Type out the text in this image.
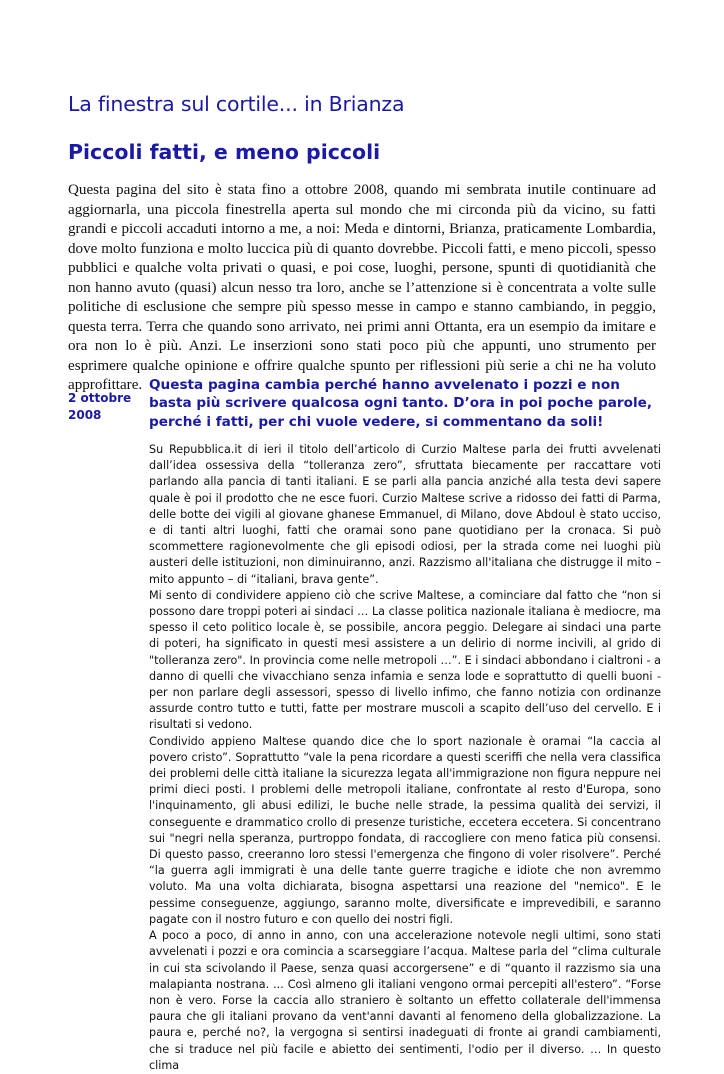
La finestra sul cortile... in Brianza
Piccoli fatti, e meno piccoli

Questa pagina del sito è stata fino a ottobre 2008, quando mi sembrata inutile continuare ad aggiornarla, una piccola finestrella aperta sul mondo che mi circonda più da vicino, su fatti grandi e piccoli accaduti intorno a me, a noi: Meda e dintorni, Brianza, praticamente Lombardia, dove molto funziona e molto luccica più di quanto dovrebbe. Piccoli fatti, e meno piccoli, spesso pubblici e qualche volta privati o quasi, e poi cose, luoghi, persone, spunti di quotidianità che non hanno avuto (quasi) alcun nesso tra loro, anche se l’attenzione si è concentrata a volte sulle politiche di esclusione che sempre più spesso messe in campo e stanno cambiando, in peggio, questa terra. Terra che quando sono arrivato, nei primi anni Ottanta, era un esempio da imitare e ora non lo è più. Anzi. Le inserzioni sono stati poco più che appunti, uno strumento per esprimere qualche opinione e offrire qualche spunto per riflessioni più serie a chi ne ha voluto approfittare.

2 ottobre 2008
Questa pagina cambia perché hanno avvelenato i pozzi e non basta più scrivere qualcosa ogni tanto. D’ora in poi poche parole, perché i fatti, per chi vuole vedere, si commentano da soli!

Su Repubblica.it di ieri il titolo dell’articolo di Curzio Maltese parla dei frutti avvelenati dall’idea ossessiva della “tolleranza zero”, sfruttata biecamente per raccattare voti parlando alla pancia di tanti italiani. E se parli alla pancia anziché alla testa devi sapere quale è poi il prodotto che ne esce fuori. Curzio Maltese scrive a ridosso dei fatti di Parma, delle botte dei vigili al giovane ghanese Emmanuel, di Milano, dove Abdoul è stato ucciso, e di tanti altri luoghi, fatti che oramai sono pane quotidiano per la cronaca. Si può scommettere ragionevolmente che gli episodi odiosi, per la strada come nei luoghi più austeri delle istituzioni, non diminuiranno, anzi. Razzismo all'italiana che distrugge il mito – mito appunto – di “italiani, brava gente”.

Mi sento di condividere appieno ciò che scrive Maltese, a cominciare dal fatto che “non si possono dare troppi poteri ai sindaci … La classe politica nazionale italiana è mediocre, ma spesso il ceto politico locale è, se possibile, ancora peggio. Delegare ai sindaci una parte di poteri, ha significato in questi mesi assistere a un delirio di norme incivili, al grido di "tolleranza zero". In provincia come nelle metropoli …”. E i sindaci abbondano i cialtroni - a danno di quelli che vivacchiano senza infamia e senza lode e soprattutto di quelli buoni - per non parlare degli assessori, spesso di livello infimo, che fanno notizia con ordinanze assurde contro tutto e tutti, fatte per mostrare muscoli a scapito dell’uso del cervello. E i risultati si vedono.

Condivido appieno Maltese quando dice che lo sport nazionale è oramai “la caccia al povero cristo”. Soprattutto “vale la pena ricordare a questi sceriffi che nella vera classifica dei problemi delle città italiane la sicurezza legata all'immigrazione non figura neppure nei primi dieci posti. I problemi delle metropoli italiane, confrontate al resto d'Europa, sono l'inquinamento, gli abusi edilizi, le buche nelle strade, la pessima qualità dei servizi, il conseguente e drammatico crollo di presenze turistiche, eccetera eccetera. Si concentrano sui "negri nella speranza, purtroppo fondata, di raccogliere con meno fatica più consensi. Di questo passo, creeranno loro stessi l'emergenza che fingono di voler risolvere”. Perché “la guerra agli immigrati è una delle tante guerre tragiche e idiote che non avremmo voluto. Ma una volta dichiarata, bisogna aspettarsi una reazione del "nemico". E le pessime conseguenze, aggiungo, saranno molte, diversificate e imprevedibili, e saranno pagate con il nostro futuro e con quello dei nostri figli.

A poco a poco, di anno in anno, con una accelerazione notevole negli ultimi, sono stati avvelenati i pozzi e ora comincia a scarseggiare l’acqua. Maltese parla del “clima culturale in cui sta scivolando il Paese, senza quasi accorgersene” e di “quanto il razzismo sia una malapianta nostrana. ... Così almeno gli italiani vengono ormai percepiti all'estero”. “Forse non è vero. Forse la caccia allo straniero è soltanto un effetto collaterale dell'immensa paura che gli italiani provano da vent'anni davanti al fenomeno della globalizzazione. La paura e, perché no?, la vergogna si sentirsi inadeguati di fronte ai grandi cambiamenti, che si traduce nel più facile e abietto dei sentimenti, l'odio per il diverso. … In questo clima
